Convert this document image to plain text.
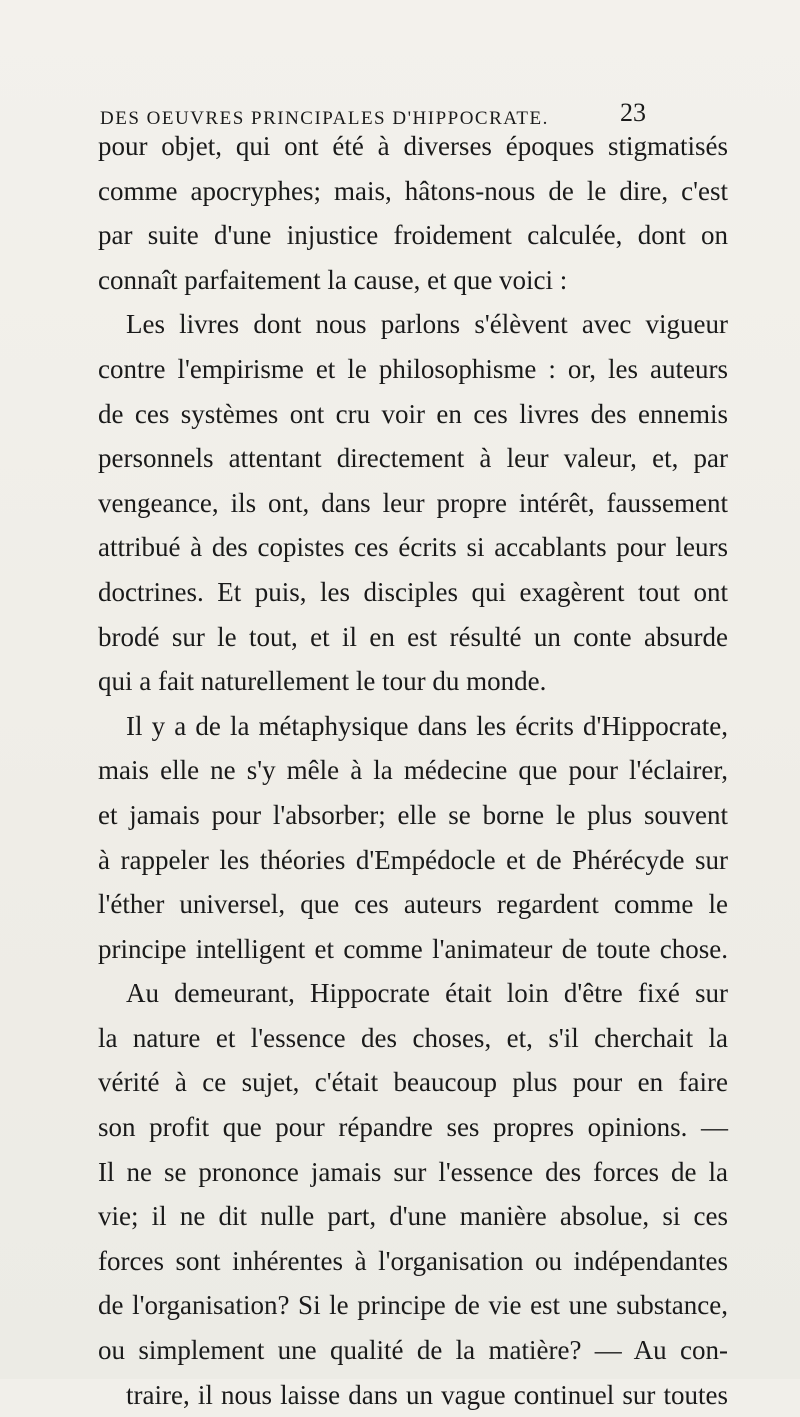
DES OEUVRES PRINCIPALES D'HIPPOCRATE.	23
pour objet, qui ont été à diverses époques stigmatisés
comme apocryphes; mais, hâtons-nous de le dire, c'est
par suite d'une injustice froidement calculée, dont on
connaît parfaitement la cause, et que voici :
Les livres dont nous parlons s'élèvent avec vigueur
contre l'empirisme et le philosophisme : or, les auteurs
de ces systèmes ont cru voir en ces livres des ennemis
personnels attentant directement à leur valeur, et, par
vengeance, ils ont, dans leur propre intérêt, faussement
attribué à des copistes ces écrits si accablants pour leurs
doctrines. Et puis, les disciples qui exagèrent tout ont
brodé sur le tout, et il en est résulté un conte absurde
qui a fait naturellement le tour du monde.
Il y a de la métaphysique dans les écrits d'Hippocrate,
mais elle ne s'y mêle à la médecine que pour l'éclairer,
et jamais pour l'absorber; elle se borne le plus souvent
à rappeler les théories d'Empédocle et de Phérécyde sur
l'éther universel, que ces auteurs regardent comme le
principe intelligent et comme l'animateur de toute chose.
Au demeurant, Hippocrate était loin d'être fixé sur
la nature et l'essence des choses, et, s'il cherchait la
vérité à ce sujet, c'était beaucoup plus pour en faire
son profit que pour répandre ses propres opinions. —
Il ne se prononce jamais sur l'essence des forces de la
vie; il ne dit nulle part, d'une manière absolue, si ces
forces sont inhérentes à l'organisation ou indépendantes
de l'organisation? Si le principe de vie est une substance,
ou simplement une qualité de la matière? — Au con-
traire, il nous laisse dans un vague continuel sur toutes
